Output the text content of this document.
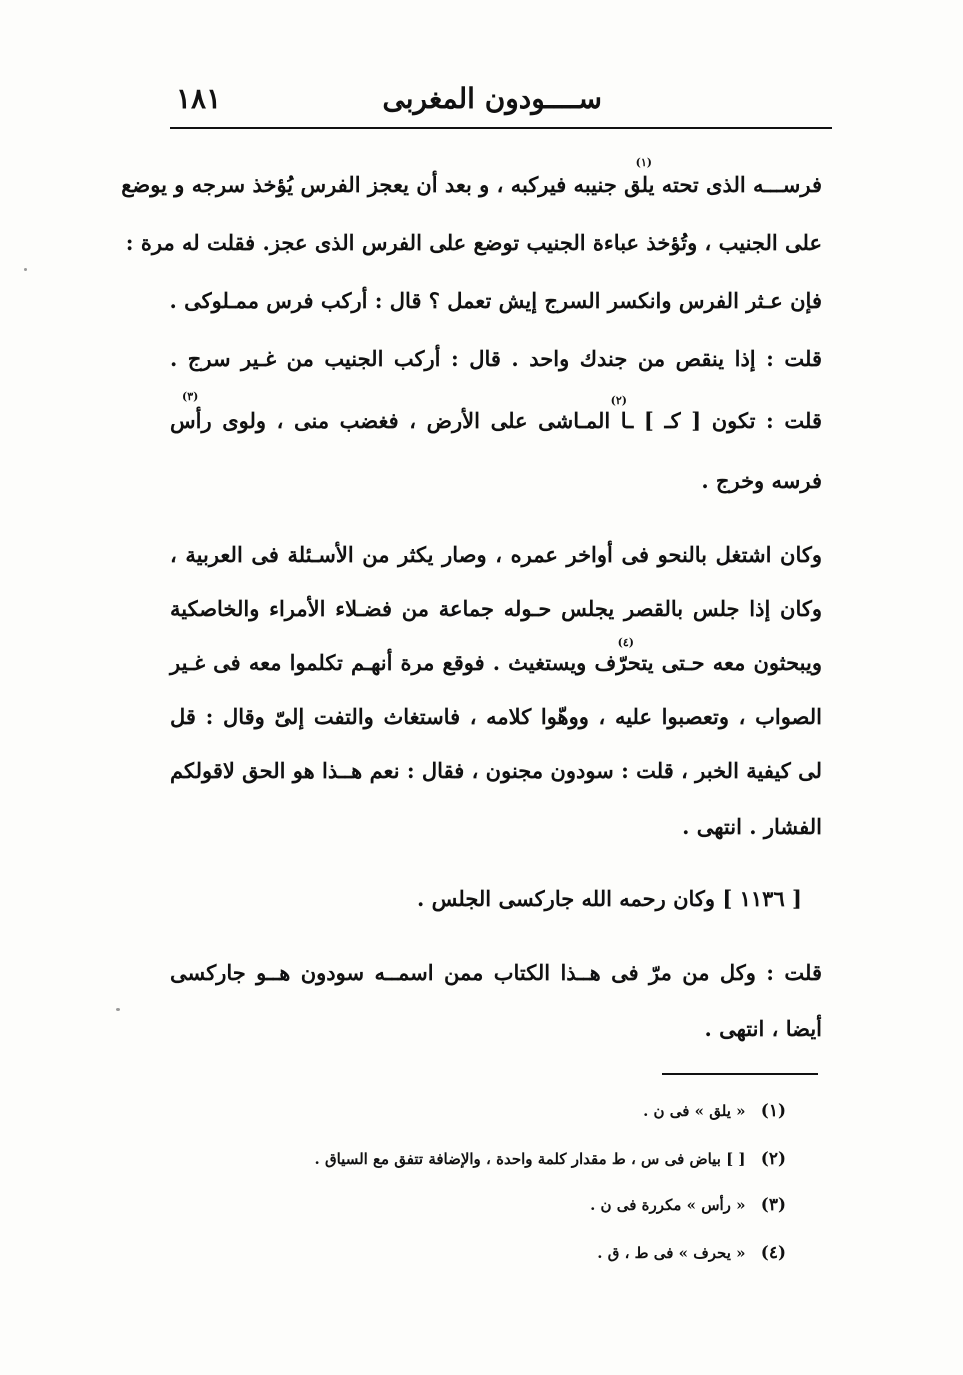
ســــودون المغربى
١٨١
فرســـه الذى تحته يلق جنيبه فيركبه ، و بعد أن يعجز الفرس يُؤخذ سرجه و يوضع
على الجنيب ، وتُؤخذ عباءة الجنيب توضع على الفرس الذى عجز. فقلت له مرة :
فإن عـثر الفرس وانكسر السرج إيش تعمل ؟ قال : أركب فرس ممـلوكى .
قلت : إذا ينقص من جندك واحد . قال : أركب الجنيب من غـير سرج .
قلت : تكون [ كـ ] ـا المـاشى على الأرض ، فغضب منى ، ولوى رأس
فرسه وخرج .
(١)
(٢)
(٣)
وكان اشتغل بالنحو فى أواخر عمره ، وصار يكثر من الأسـئلة فى العربية ،
وكان إذا جلس بالقصر يجلس حـوله جماعة من فضـلاء الأمراء والخاصكية
ويبحثون معه حـتى يتحرّف ويستغيث . فوقع مرة أنهـم تكلموا معه فى غـير
الصواب ، وتعصبوا عليه ، ووهّوا كلامه ، فاستغاث والتفت إلىّ وقال : قل
لى كيفية الخبر ، قلت : سودون مجنون ، فقال : نعم هــذا هو الحق لاقولكم
الفشار . انتهى .
(٤)
[ ١١٣٦ ] وكان رحمه الله جاركسى الجلس .
قلت : وكل من مرّ فى هــذا الكتاب ممن اسمــه سودون هــو جاركسى
أيضا ، انتهى .
(١) « يلق » فى ن .
(٢) [ ] بياض فى س ، ط مقدار كلمة واحدة ، والإضافة تتفق مع السياق .
(٣) « رأس » مكررة فى ن .
(٤) « يحرف » فى ط ، ق .
